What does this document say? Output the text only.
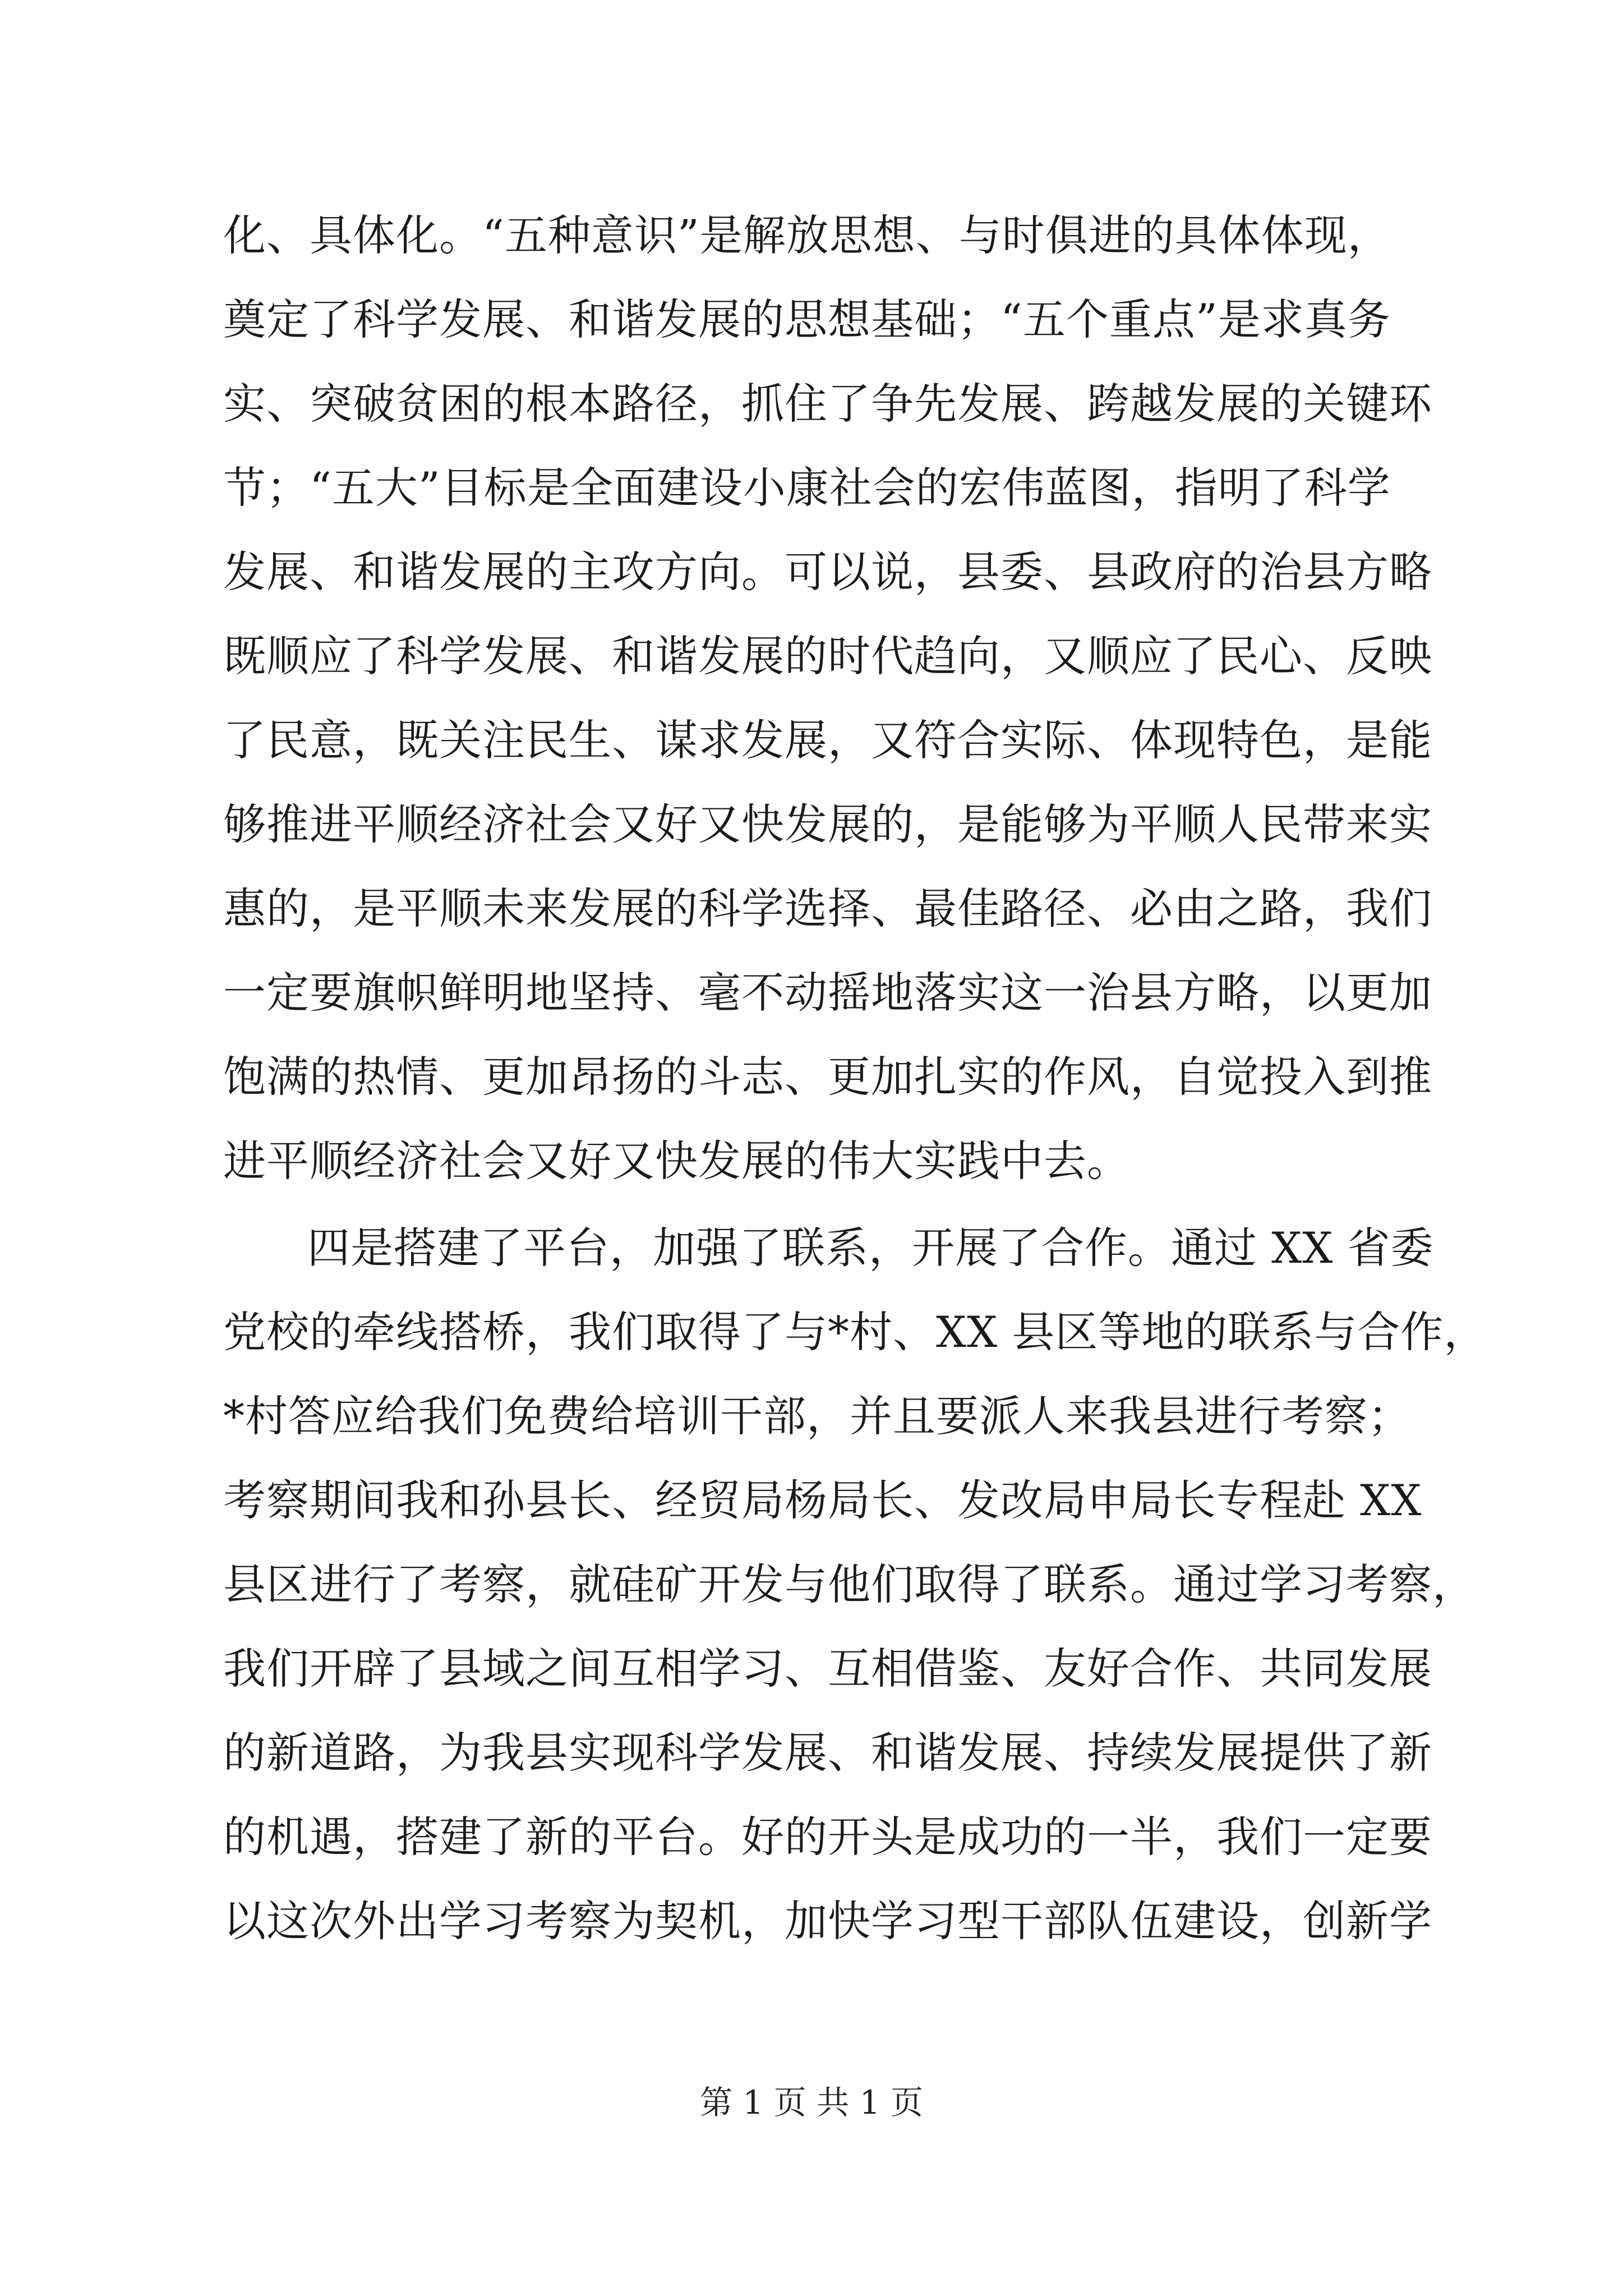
化、具体化。“五种意识”是解放思想、与时俱进的具体体现，
奠定了科学发展、和谐发展的思想基础；“五个重点”是求真务
实、突破贫困的根本路径，抓住了争先发展、跨越发展的关键环
节；“五大”目标是全面建设小康社会的宏伟蓝图，指明了科学
发展、和谐发展的主攻方向。可以说，县委、县政府的治县方略
既顺应了科学发展、和谐发展的时代趋向，又顺应了民心、反映
了民意，既关注民生、谋求发展，又符合实际、体现特色，是能
够推进平顺经济社会又好又快发展的，是能够为平顺人民带来实
惠的，是平顺未来发展的科学选择、最佳路径、必由之路，我们
一定要旗帜鲜明地坚持、毫不动摇地落实这一治县方略，以更加
饱满的热情、更加昂扬的斗志、更加扎实的作风，自觉投入到推
进平顺经济社会又好又快发展的伟大实践中去。
四是搭建了平台，加强了联系，开展了合作。通过 XX 省委
党校的牵线搭桥，我们取得了与*村、XX 县区等地的联系与合作，
*村答应给我们免费给培训干部，并且要派人来我县进行考察；
考察期间我和孙县长、经贸局杨局长、发改局申局长专程赴 XX
县区进行了考察，就硅矿开发与他们取得了联系。通过学习考察，
我们开辟了县域之间互相学习、互相借鉴、友好合作、共同发展
的新道路，为我县实现科学发展、和谐发展、持续发展提供了新
的机遇，搭建了新的平台。好的开头是成功的一半，我们一定要
以这次外出学习考察为契机，加快学习型干部队伍建设，创新学
第 1 页 共 1 页
